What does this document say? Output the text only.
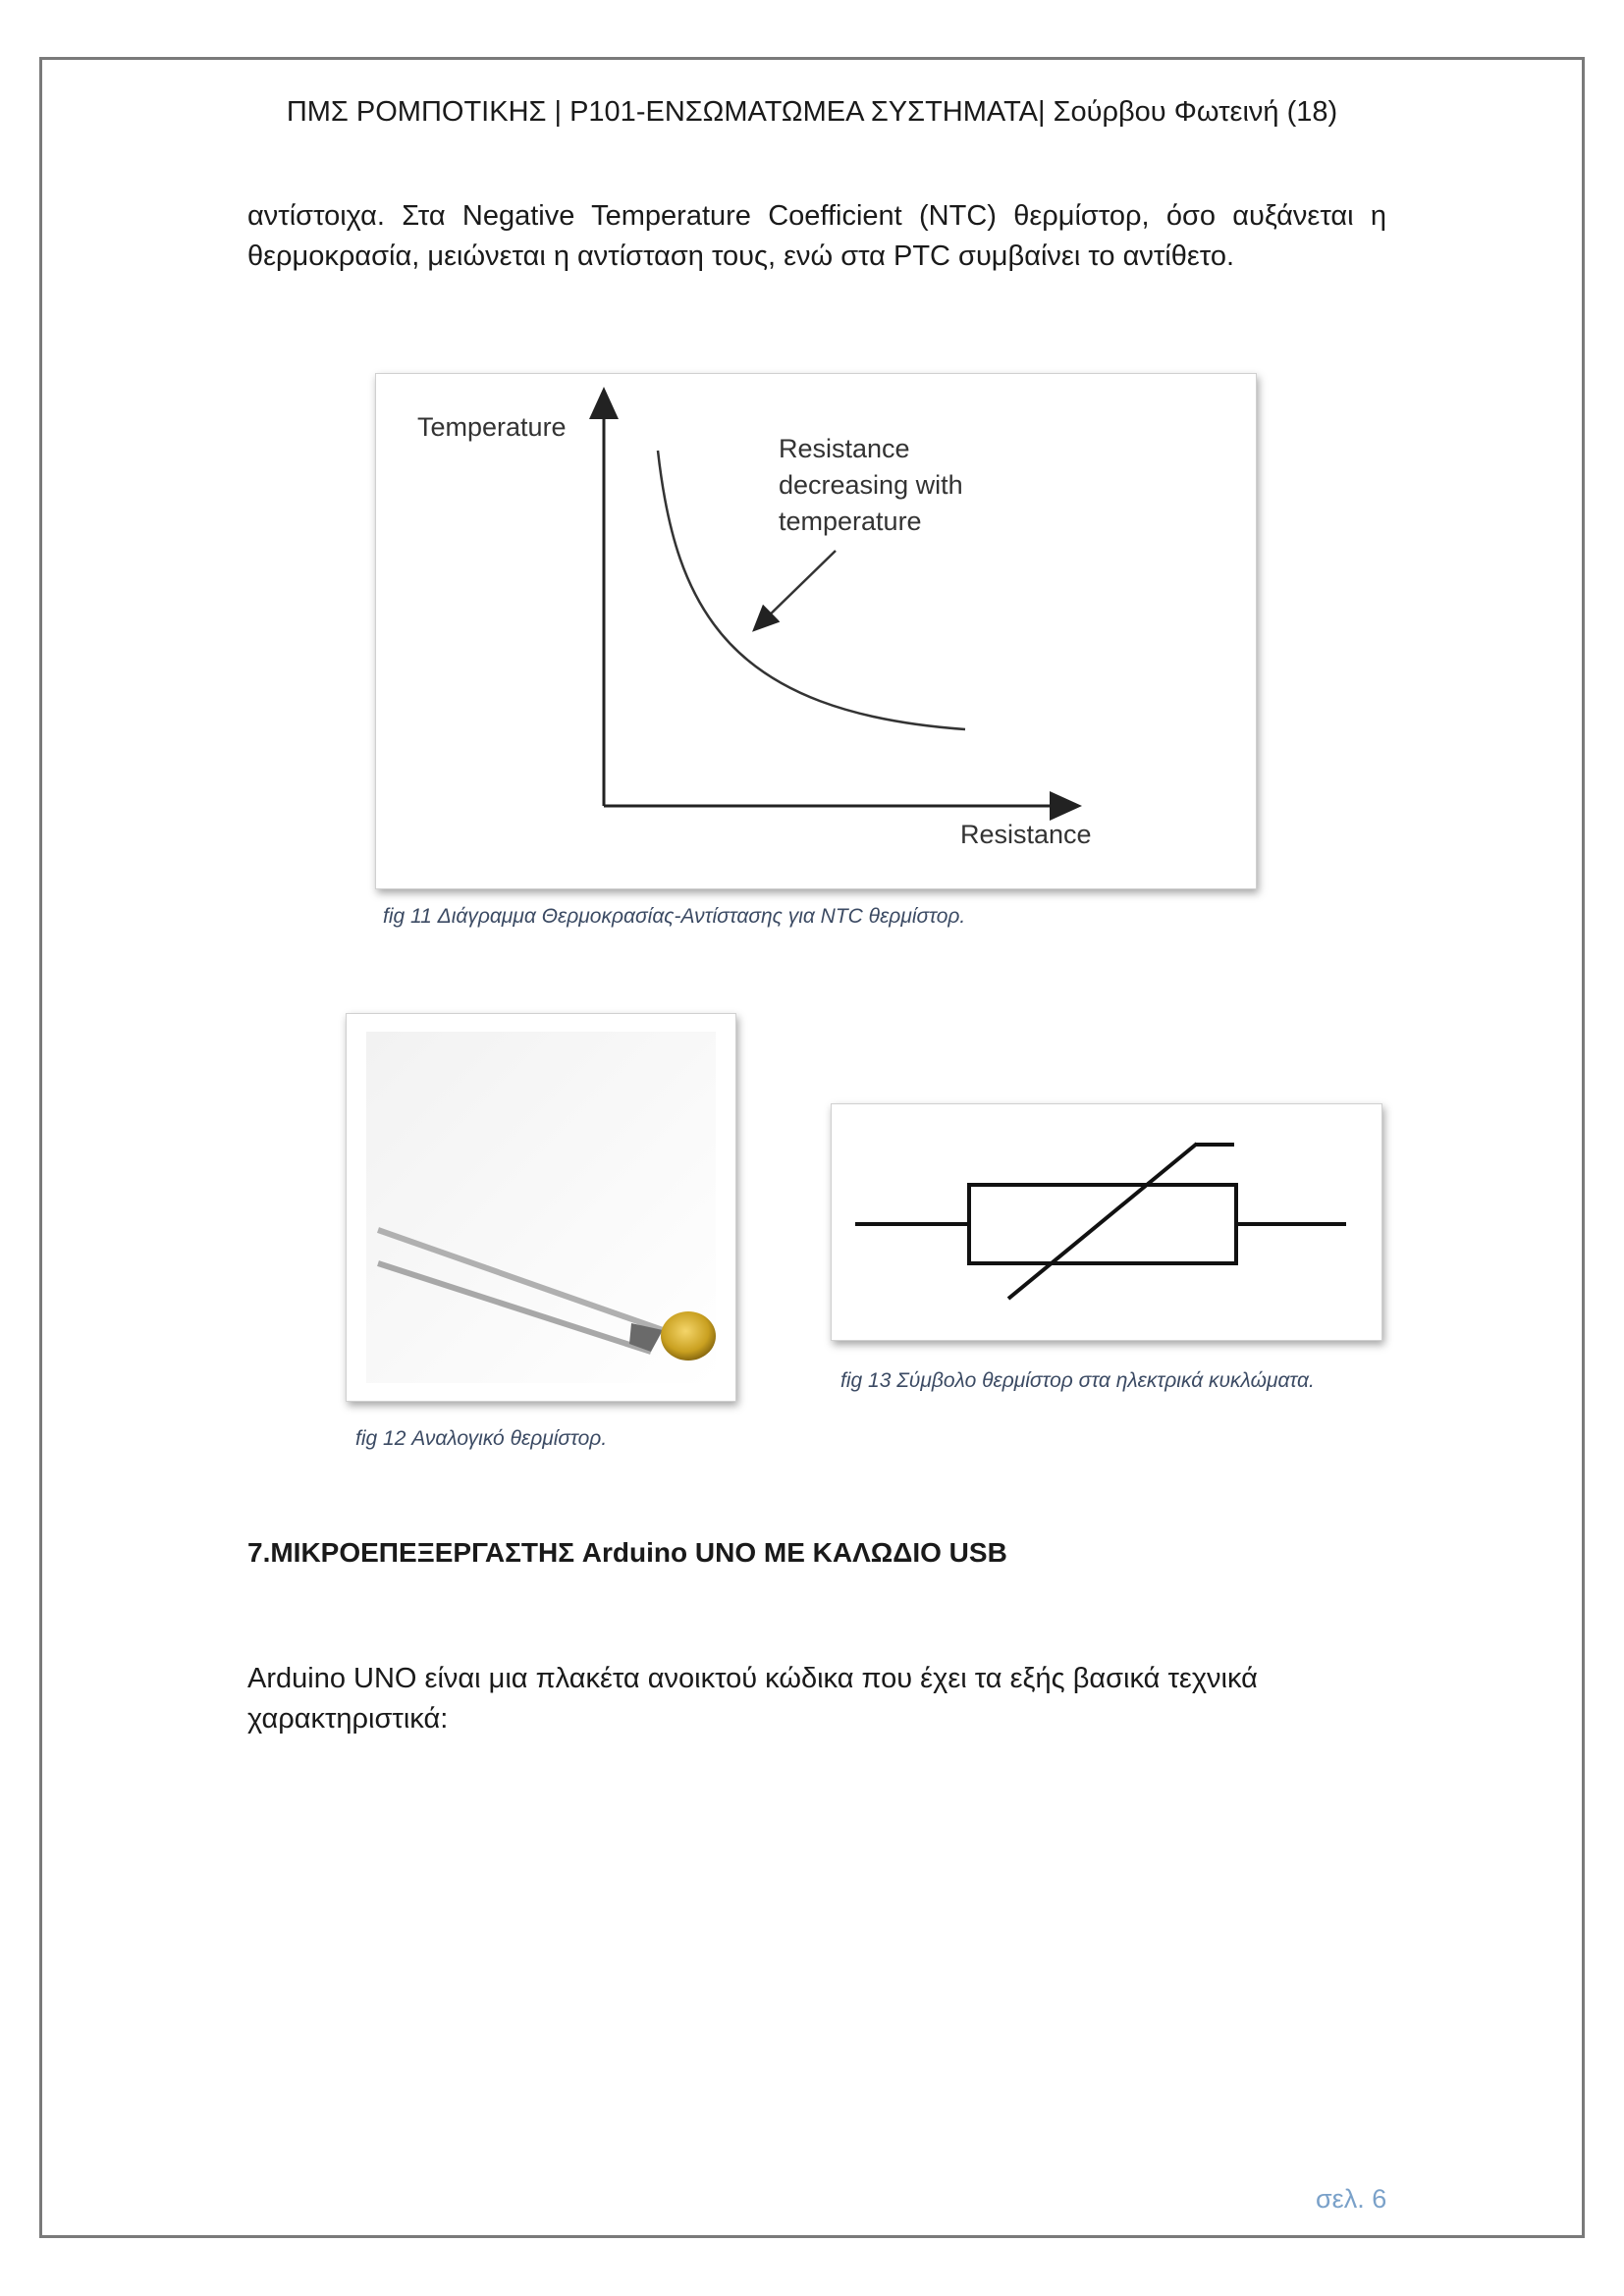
ΠΜΣ ΡΟΜΠΟΤΙΚΗΣ | Ρ101-ΕΝΣΩΜΑΤΩΜΕΑ ΣΥΣΤΗΜΑΤΑ| Σούρβου Φωτεινή (18)
αντίστοιχα. Στα Negative Temperature Coefficient (NTC) θερμίστορ, όσο αυξάνεται η
θερμοκρασία, μειώνεται η αντίσταση τους, ενώ στα PTC συμβαίνει το αντίθετο.
Temperature
Resistance
Resistance
decreasing with
temperature
fig 11 Διάγραμμα Θερμοκρασίας-Αντίστασης για NTC θερμίστορ.
fig 12 Αναλογικό θερμίστορ.
fig 13 Σύμβολο θερμίστορ στα ηλεκτρικά κυκλώματα.
7.ΜΙΚΡΟΕΠΕΞΕΡΓΑΣΤΗΣ Arduino UNO ΜΕ ΚΑΛΩΔΙΟ USB
Arduino UNO είναι μια πλακέτα ανοικτού κώδικα που έχει τα εξής βασικά τεχνικά
χαρακτηριστικά:
σελ. 6
